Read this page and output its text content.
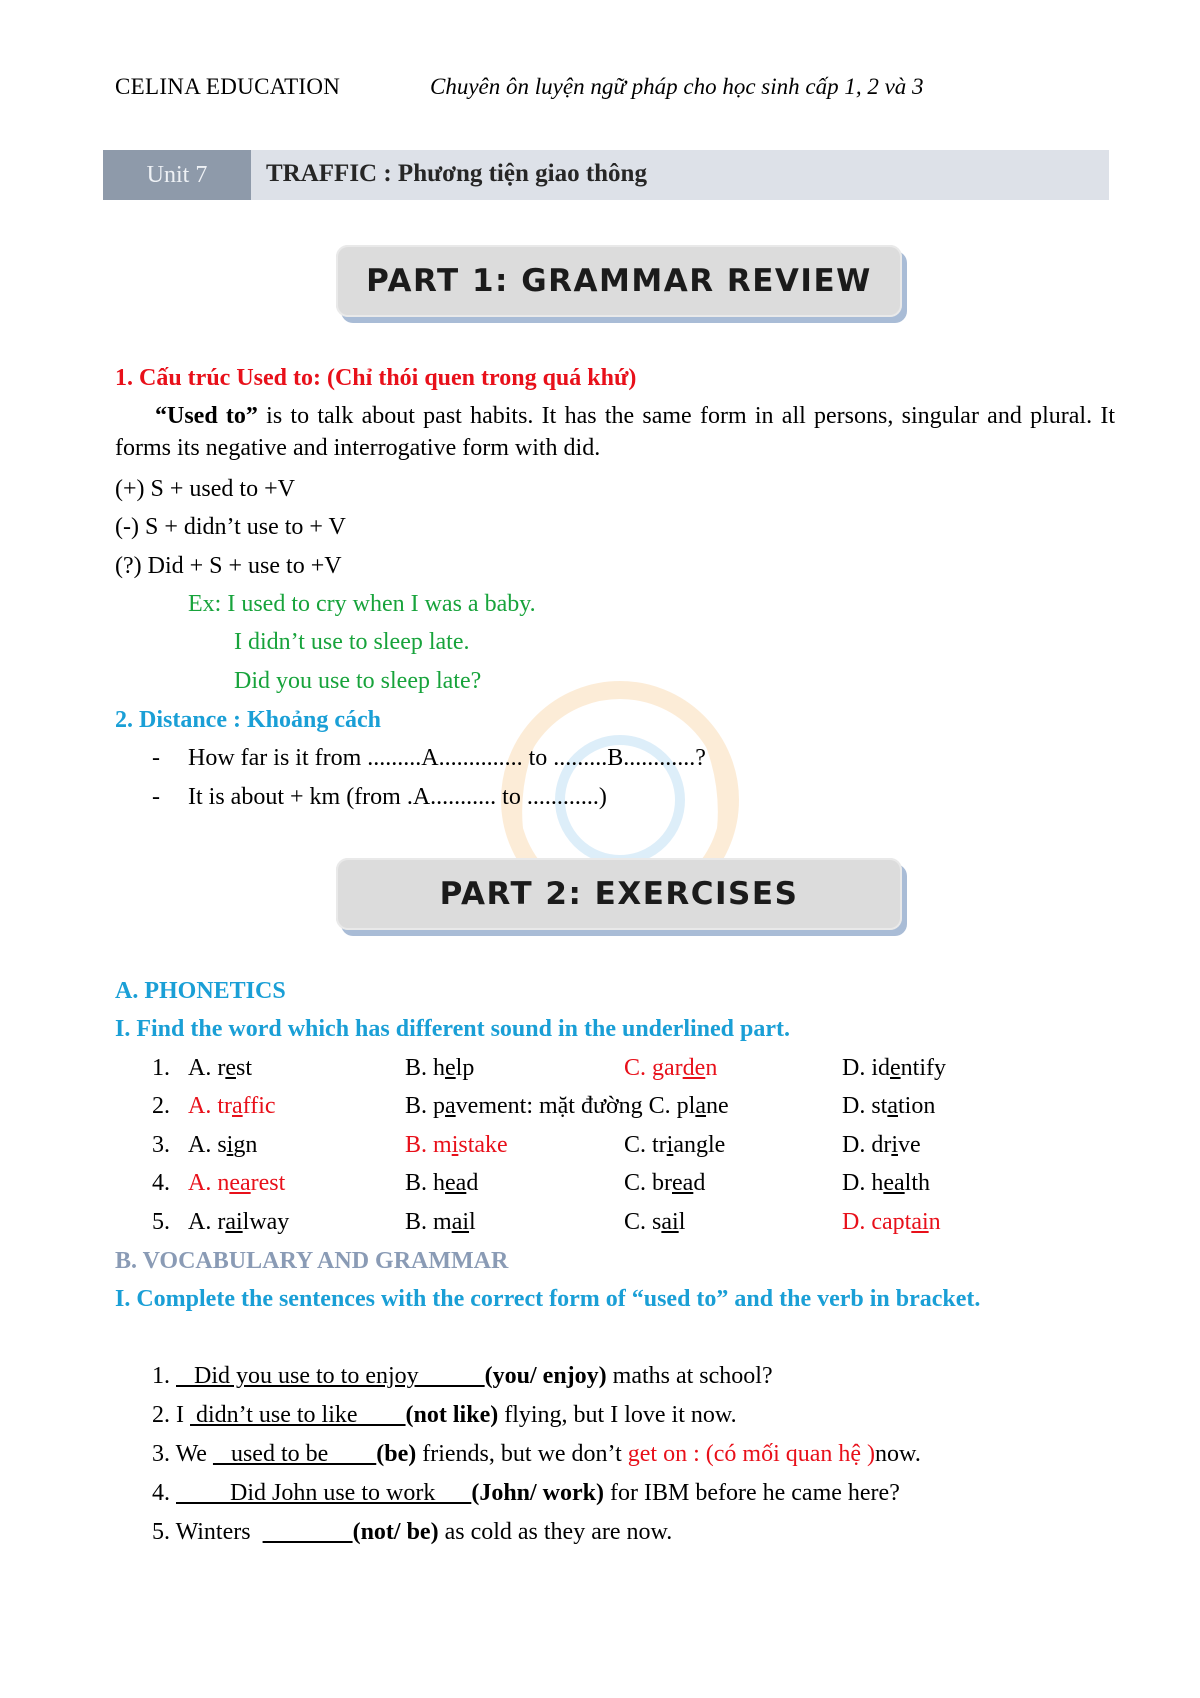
CELINA EDUCATION	Chuyên ôn luyện ngữ pháp cho học sinh cấp 1, 2 và 3
Unit 7	TRAFFIC : Phương tiện giao thông
PART 1: GRAMMAR REVIEW
1. Cấu trúc Used to: (Chỉ thói quen trong quá khứ)
“Used to” is to talk about past habits. It has the same form in all persons, singular and plural. It forms its negative and interrogative form with did.
(+) S + used to +V
(-) S + didn’t use to + V
(?) Did + S + use to +V
Ex: I used to cry when I was a baby.
I didn’t use to sleep late.
Did you use to sleep late?
2. Distance : Khoảng cách
- How far is it from .........A.............. to .........B............?
- It is about + km (from .A........... to ............)
PART 2: EXERCISES
A. PHONETICS
I. Find the word which has different sound in the underlined part.
1. A. rest	B. help	C. garden	D. identify
2. A. traffic	B. pavement: mặt đường C. plane	D. station
3. A. sign	B. mistake	C. triangle	D. drive
4. A. nearest	B. head	C. bread	D. health
5. A. railway	B. mail	C. sail	D. captain
B. VOCABULARY AND GRAMMAR
I. Complete the sentences with the correct form of “used to” and the verb in bracket.
1.    Did you use to to enjoy           (you/ enjoy) maths at school?
2. I  didn’t use to like        (not like) flying, but I love it now.
3. We    used to be        (be) friends, but we don’t get on : (có mối quan hệ )now.
4.          Did John use to work      (John/ work) for IBM before he came here?
5. Winters	(not/ be) as cold as they are now.
